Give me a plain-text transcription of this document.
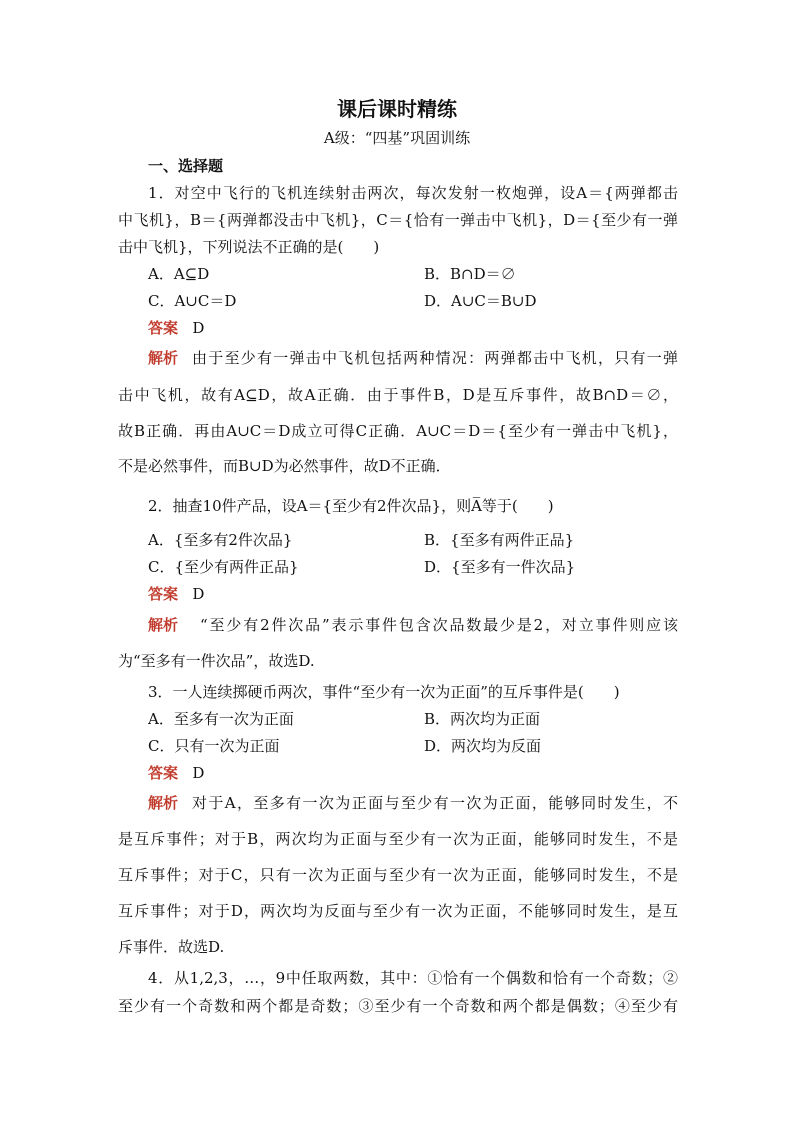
课后课时精练
A级：“四基”巩固训练
一、选择题
1．对空中飞行的飞机连续射击两次，每次发射一枚炮弹，设A＝{两弹都击
中飞机}，B＝{两弹都没击中飞机}，C＝{恰有一弹击中飞机}，D＝{至少有一弹
击中飞机}，下列说法不正确的是(　　)
A．A⊆D	B．B∩D＝∅
C．A∪C＝D	D．A∪C＝B∪D
答案 D
解析 由于至少有一弹击中飞机包括两种情况：两弹都击中飞机，只有一弹
击中飞机，故有A⊆D，故A正确．由于事件B，D是互斥事件，故B∩D＝∅，
故B正确．再由A∪C＝D成立可得C正确．A∪C＝D＝{至少有一弹击中飞机}，
不是必然事件，而B∪D为必然事件，故D不正确．
2．抽查10件产品，设A＝{至少有2件次品}，则A̅等于(　　)
A．{至多有2件次品}	B．{至多有两件正品}
C．{至少有两件正品}	D．{至多有一件次品}
答案 D
解析 “至少有2件次品”表示事件包含次品数最少是2，对立事件则应该
为“至多有一件次品”，故选D.
3．一人连续掷硬币两次，事件“至少有一次为正面”的互斥事件是(　　)
A．至多有一次为正面	B．两次均为正面
C．只有一次为正面	D．两次均为反面
答案 D
解析 对于A，至多有一次为正面与至少有一次为正面，能够同时发生，不
是互斥事件；对于B，两次均为正面与至少有一次为正面，能够同时发生，不是
互斥事件；对于C，只有一次为正面与至少有一次为正面，能够同时发生，不是
互斥事件；对于D，两次均为反面与至少有一次为正面，不能够同时发生，是互
斥事件．故选D.
4．从1,2,3，…，9中任取两数，其中：①恰有一个偶数和恰有一个奇数；②
至少有一个奇数和两个都是奇数；③至少有一个奇数和两个都是偶数；④至少有
